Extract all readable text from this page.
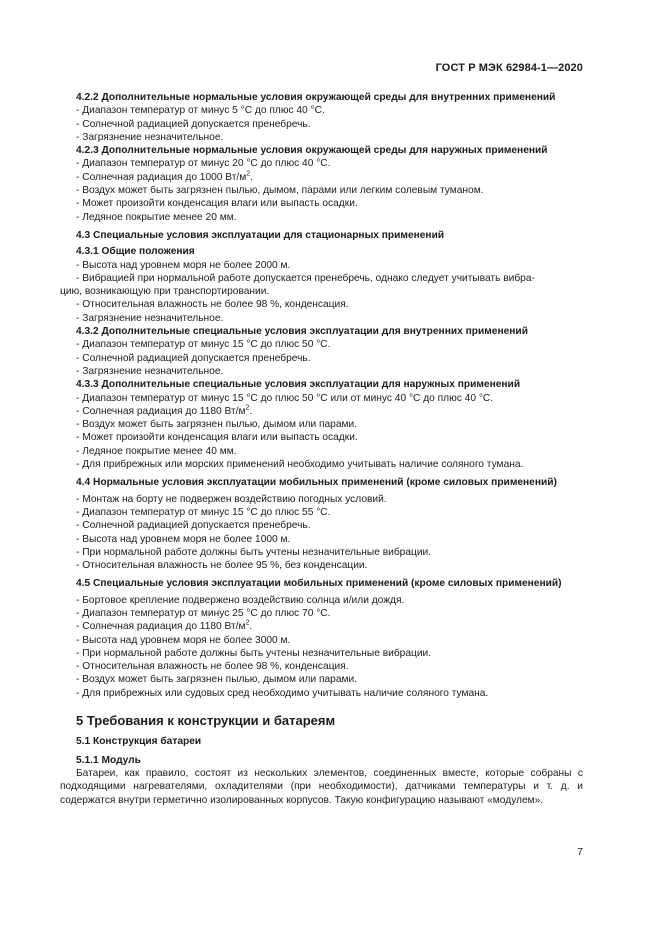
ГОСТ Р МЭК 62984-1—2020
4.2.2 Дополнительные нормальные условия окружающей среды для внутренних применений
- Диапазон температур от минус 5 °С до плюс 40 °С.
- Солнечной радиацией допускается пренебречь.
- Загрязнение незначительное.
4.2.3 Дополнительные нормальные условия окружающей среды для наружных применений
- Диапазон температур от минус 20 °С до плюс 40 °С.
- Солнечная радиация до 1000 $Вт/м^2$.
- Воздух может быть загрязнен пылью, дымом, парами или легким солевым туманом.
- Может произойти конденсация влаги или выпасть осадки.
- Ледяное покрытие менее 20 мм.
4.3 Специальные условия эксплуатации для стационарных применений
4.3.1 Общие положения
- Высота над уровнем моря не более 2000 м.
- Вибрацией при нормальной работе допускается пренебречь, однако следует учитывать вибра-
цию, возникающую при транспортировании.
- Относительная влажность не более 98 %, конденсация.
- Загрязнение незначительное.
4.3.2 Дополнительные специальные условия эксплуатации для внутренних применений
- Диапазон температур от минус 15 °С до плюс 50 °С.
- Солнечной радиацией допускается пренебречь.
- Загрязнение незначительное.
4.3.3 Дополнительные специальные условия эксплуатации для наружных применений
- Диапазон температур от минус 15 °С до плюс 50 °С или от минус 40 °С до плюс 40 °С.
- Солнечная радиация до 1180 $Вт/м^2$.
- Воздух может быть загрязнен пылью, дымом или парами.
- Может произойти конденсация влаги или выпасть осадки.
- Ледяное покрытие менее 40 мм.
- Для прибрежных или морских применений необходимо учитывать наличие соляного тумана.
4.4 Нормальные условия эксплуатации мобильных применений (кроме силовых применений)
- Монтаж на борту не подвержен воздействию погодных условий.
- Диапазон температур от минус 15 °С до плюс 55 °С.
- Солнечной радиацией допускается пренебречь.
- Высота над уровнем моря не более 1000 м.
- При нормальной работе должны быть учтены незначительные вибрации.
- Относительная влажность не более 95 %, без конденсации.
4.5 Специальные условия эксплуатации мобильных применений (кроме силовых применений)
- Бортовое крепление подвержено воздействию солнца и/или дождя.
- Диапазон температур от минус 25 °С до плюс 70 °С.
- Солнечная радиация до 1180 $Вт/м^2$.
- Высота над уровнем моря не более 3000 м.
- При нормальной работе должны быть учтены незначительные вибрации.
- Относительная влажность не более 98 %, конденсация.
- Воздух может быть загрязнен пылью, дымом или парами.
- Для прибрежных или судовых сред необходимо учитывать наличие соляного тумана.
5 Требования к конструкции и батареям
5.1 Конструкция батареи
5.1.1 Модуль
Батареи, как правило, состоят из нескольких элементов, соединенных вместе, которые собраны с подходящими нагревателями, охладителями (при необходимости), датчиками температуры и т. д. и содержатся внутри герметично изолированных корпусов. Такую конфигурацию называют «модулем».
7
